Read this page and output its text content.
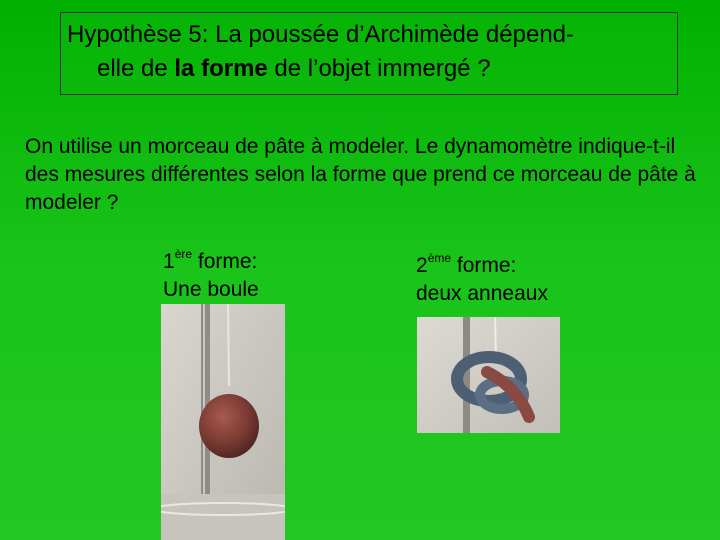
Hypothèse 5: La poussée d’Archimède dépend-
elle de la forme de l’objet immergé ?
On utilise un morceau de pâte à modeler. Le dynamomètre indique-t-il des mesures différentes selon la forme que prend ce morceau de pâte à modeler ?
1ère forme:
Une boule
2ème forme:
deux anneaux
